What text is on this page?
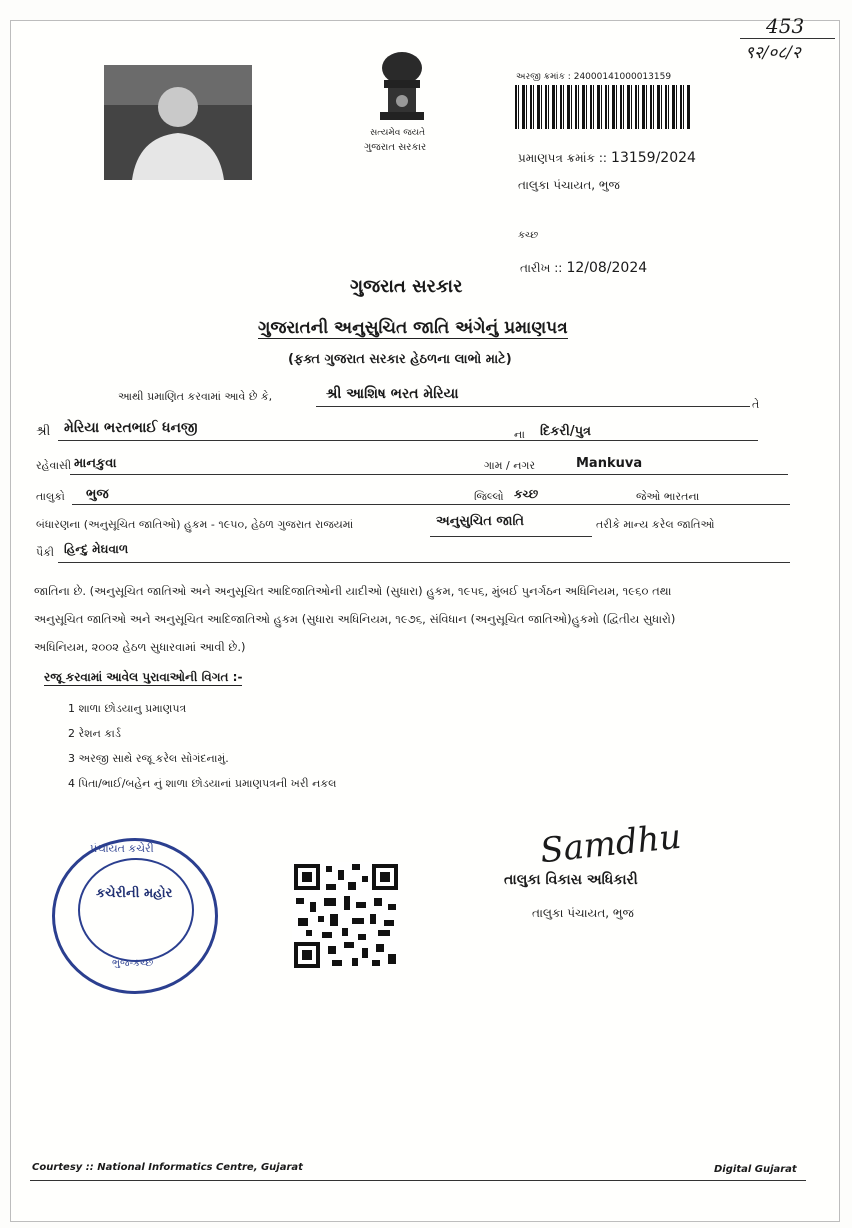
453
९२/०८/२
સત્યમેવ જયતે
ગુજરાત સરકાર
અરજી ક્રમાંક : 24000141000013159
પ્રમાણપત્ર ક્રમાંક :: 13159/2024
તાલુકા પંચાયત, ભુજ
કચ્છ
તારીખ :: 12/08/2024
ગુજરાત સરકાર
ગુજરાતની અનુસુચિત જાતિ અંગેનું પ્રમાણપત્ર
(ફક્ત ગુજરાત સરકાર હેઠળના લાભો માટે)
આથી પ્રમાણિત કરવામાં આવે છે કે,	શ્રી આશિષ ભરત મેરિયા
તે
શ્રી મેરિયા ભરતભાઈ ધનજી	ના દિકરી/પુત્ર
રહેવાસી માનકુવા	ગામ / નગર	Mankuva
તાલુકો ભુજ	જિલ્લો કચ્છ	જેઓ ભારતના
બંધારણના (અનુસૂચિત જાતિઓ) હુકમ - ૧૯૫૦, હેઠળ ગુજરાત રાજયમાં	અનુસુચિત જાતિ	તરીકે માન્ય કરેલ જાતિઓ
પૈકી હિન્દુ મેઘવાળ
જાતિના છે. (અનુસૂચિત જાતિઓ અને અનુસૂચિત આદિજાતિઓની યાદીઓ (સુધારા) હુકમ, ૧૯૫૬, મુંબઈ પુનર્ગઠન અધિનિયમ, ૧૯૬૦ તથા
અનુસૂચિત જાતિઓ અને અનુસૂચિત આદિજાતિઓ હુકમ (સુધારા અધિનિયમ, ૧૯૭૬, સંવિધાન (અનુસૂચિત જાતિઓ)હુકમો (દ્વિતીય સુધારો)
અધિનિયમ, ૨૦૦૨ હેઠળ સુધારવામાં આવી છે.)
રજૂ કરવામાં આવેલ પુરાવાઓની વિગત :-
1 શાળા છોડયાનુ પ્રમાણપત્ર
2 રેશન કાર્ડ
3 અરજી સાથે રજૂ કરેલ સોગંદનામું.
4 પિતા/ભાઈ/બહેન નું શાળા છોડયાનાં પ્રમાણપત્રની ખરી નકલ
પંચાયત કચેરી
કચેરીની મહોર
ભુજ-કચ્છ
Samdhu
તાલુકા વિકાસ અધિકારી
તાલુકા પંચાયત, ભુજ
Courtesy :: National Informatics Centre, Gujarat	Digital Gujarat
